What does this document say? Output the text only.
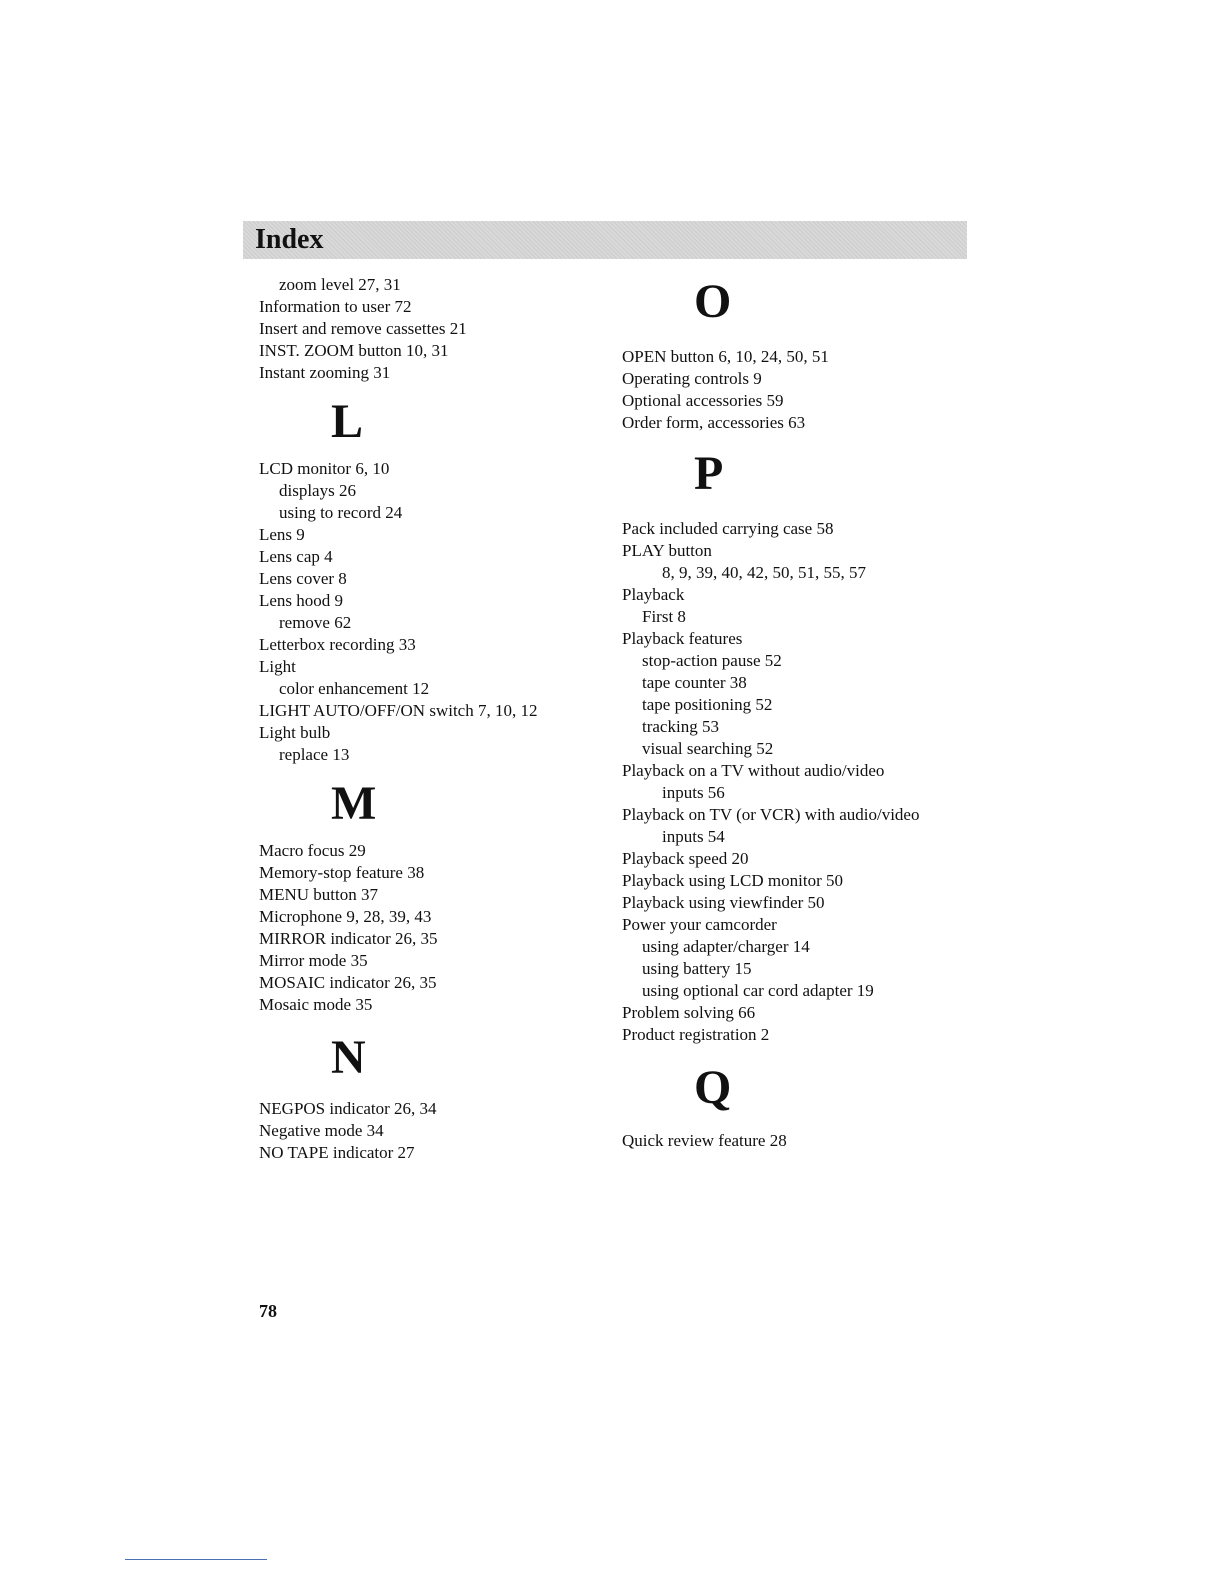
Index
zoom level 27, 31
Information to user 72
Insert and remove cassettes 21
INST. ZOOM button 10, 31
Instant zooming 31
L
LCD monitor 6, 10
displays 26
using to record 24
Lens 9
Lens cap 4
Lens cover 8
Lens hood 9
remove 62
Letterbox recording 33
Light
color enhancement 12
LIGHT AUTO/OFF/ON switch 7, 10, 12
Light bulb
replace 13
M
Macro focus 29
Memory-stop feature 38
MENU button 37
Microphone 9, 28, 39, 43
MIRROR indicator 26, 35
Mirror mode 35
MOSAIC indicator 26, 35
Mosaic mode 35
N
NEGPOS indicator 26, 34
Negative mode 34
NO TAPE indicator 27
O
OPEN button 6, 10, 24, 50, 51
Operating controls 9
Optional accessories 59
Order form, accessories 63
P
Pack included carrying case 58
PLAY button
8, 9, 39, 40, 42, 50, 51, 55, 57
Playback
First 8
Playback features
stop-action pause 52
tape counter 38
tape positioning 52
tracking 53
visual searching 52
Playback on a TV without audio/video
inputs 56
Playback on TV (or VCR) with audio/video
inputs 54
Playback speed 20
Playback using LCD monitor 50
Playback using viewfinder 50
Power your camcorder
using adapter/charger 14
using battery 15
using optional car cord adapter 19
Problem solving 66
Product registration 2
Q
Quick review feature 28
78
